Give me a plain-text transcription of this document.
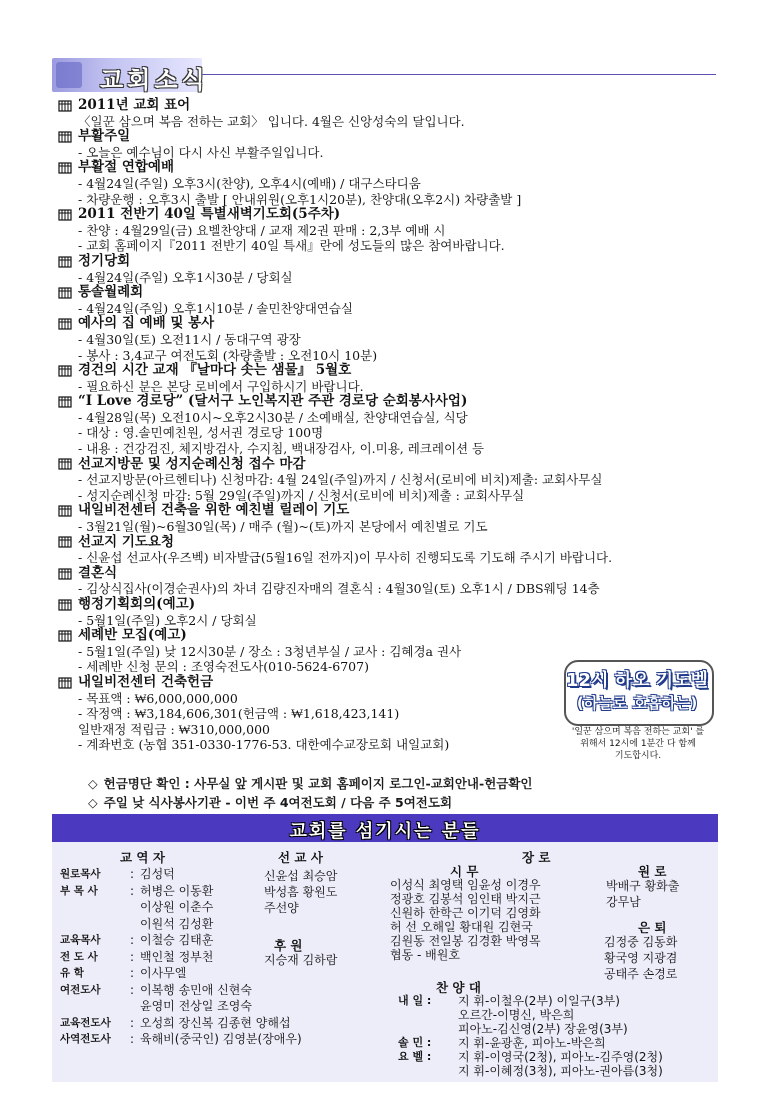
교회소식
2011년 교회 표어
〈일꾼 삼으며 복음 전하는 교회〉 입니다. 4월은 신앙성숙의 달입니다.
부활주일
- 오늘은 예수님이 다시 사신 부활주일입니다.
부활절 연합예배
- 4월24일(주일) 오후3시(찬양), 오후4시(예배) / 대구스타디움
- 차량운행 : 오후3시 출발 [ 안내위원(오후1시20분), 찬양대(오후2시) 차량출발 ]
2011 전반기 40일 특별새벽기도회(5주차)
- 찬양 : 4월29일(금) 요벨찬양대 / 교재 제2권 판매 : 2,3부 예배 시
- 교회 홈페이지『2011 전반기 40일 특새』란에 성도들의 많은 참여바랍니다.
정기당회
- 4월24일(주일) 오후1시30분 / 당회실
통솔월례회
- 4월24일(주일) 오후1시10분 / 솔민찬양대연습실
예사의 집 예배 및 봉사
- 4월30일(토) 오전11시 / 동대구역 광장
- 봉사 : 3,4교구 여전도회 (차량출발 : 오전10시 10분)
경건의 시간 교재 『날마다 솟는 샘물』 5월호
- 필요하신 분은 본당 로비에서 구입하시기 바랍니다.
“I Love 경로당” (달서구 노인복지관 주관 경로당 순회봉사사업)
- 4월28일(목) 오전10시~오후2시30분 / 소예배실, 찬양대연습실, 식당
- 대상 : 영.솔민예친원, 성서권 경로당 100명
- 내용 : 건강검진, 체지방검사, 수지침, 백내장검사, 이.미용, 레크레이션 등
선교지방문 및 성지순례신청 접수 마감
- 선교지방문(아르헨티나) 신청마감: 4월 24일(주일)까지 / 신청서(로비에 비치)제출: 교회사무실
- 성지순례신청 마감: 5월 29일(주일)까지 / 신청서(로비에 비치)제출 : 교회사무실
내일비전센터 건축을 위한 예친별 릴레이 기도
- 3월21일(월)~6월30일(목) / 매주 (월)~(토)까지 본당에서 예친별로 기도
선교지 기도요청
- 신윤섭 선교사(우즈벡) 비자발급(5월16일 전까지)이 무사히 진행되도록 기도해 주시기 바랍니다.
결혼식
- 김상식집사(이경순권사)의 차녀 김량진자매의 결혼식 : 4월30일(토) 오후1시 / DBS웨딩 14층
행정기획회의(예고)
- 5월1일(주일) 오후2시 / 당회실
세례반 모집(예고)
- 5월1일(주일) 낮 12시30분 / 장소 : 3청년부실 / 교사 : 김혜경a 권사
- 세례반 신청 문의 : 조영숙전도사(010-5624-6707)
내일비전센터 건축헌금
- 목표액 : ₩6,000,000,000
- 작정액 : ₩3,184,606,301(헌금액 : ₩1,618,423,141)
일반재정 적립금 : ₩310,000,000
- 계좌번호 (농협 351-0330-1776-53. 대한예수교장로회 내일교회)
12시 하오 기도벨
(하늘로 호흡하는)
'일꾼 삼으며 복음 전하는 교회' 를
위해서 12시에 1분간 다 함께
기도합시다.
◇ 헌금명단 확인 : 사무실 앞 게시판 및 교회 홈페이지 로그인-교회안내-헌금확인
◇ 주일 낮 식사봉사기관 - 이번 주 4여전도회 / 다음 주 5여전도회
교회를 섬기시는 분들
교 역 자
원로목사	: 김성덕
부 목 사	: 허병은 이동환
이상원 이춘수
이원석 김성환
교육목사	: 이철승 김태훈
전 도 사	: 백인철 정부천
유 학	: 이사무엘
여전도사	: 이복행 송민애 신현숙
윤영미 전상일 조영숙
교육전도사	: 오성희 장신복 김종현 양해섭
사역전도사	: 육해비(중국인) 김영분(장애우)
선 교 사
신윤섭 최승암
박성흠 황원도
주선양
후 원
지승재 김하람
장 로
시 무
이성식 최영택 임윤성 이경우
정광호 김봉석 임인태 박지근
신원하 한학근 이기덕 김영화
허 선 오해일 황대원 김현국
김원동 전일봉 김경환 박영목
협동 - 배원호
원 로
박배구 황화출
강무남
은 퇴
김정중 김동화
황국영 지광겸
공태주 손경로
찬 양 대
내 일 :	지 휘-이철우(2부) 이일구(3부)
오르간-이명신, 박은희
피아노-김신영(2부) 장윤영(3부)
솔 민 :	지 휘-윤광훈, 피아노-박은희
요 벨 :	지 휘-이영국(2청), 피아노-김주영(2청)
지 휘-이혜정(3청), 피아노-권아름(3청)
